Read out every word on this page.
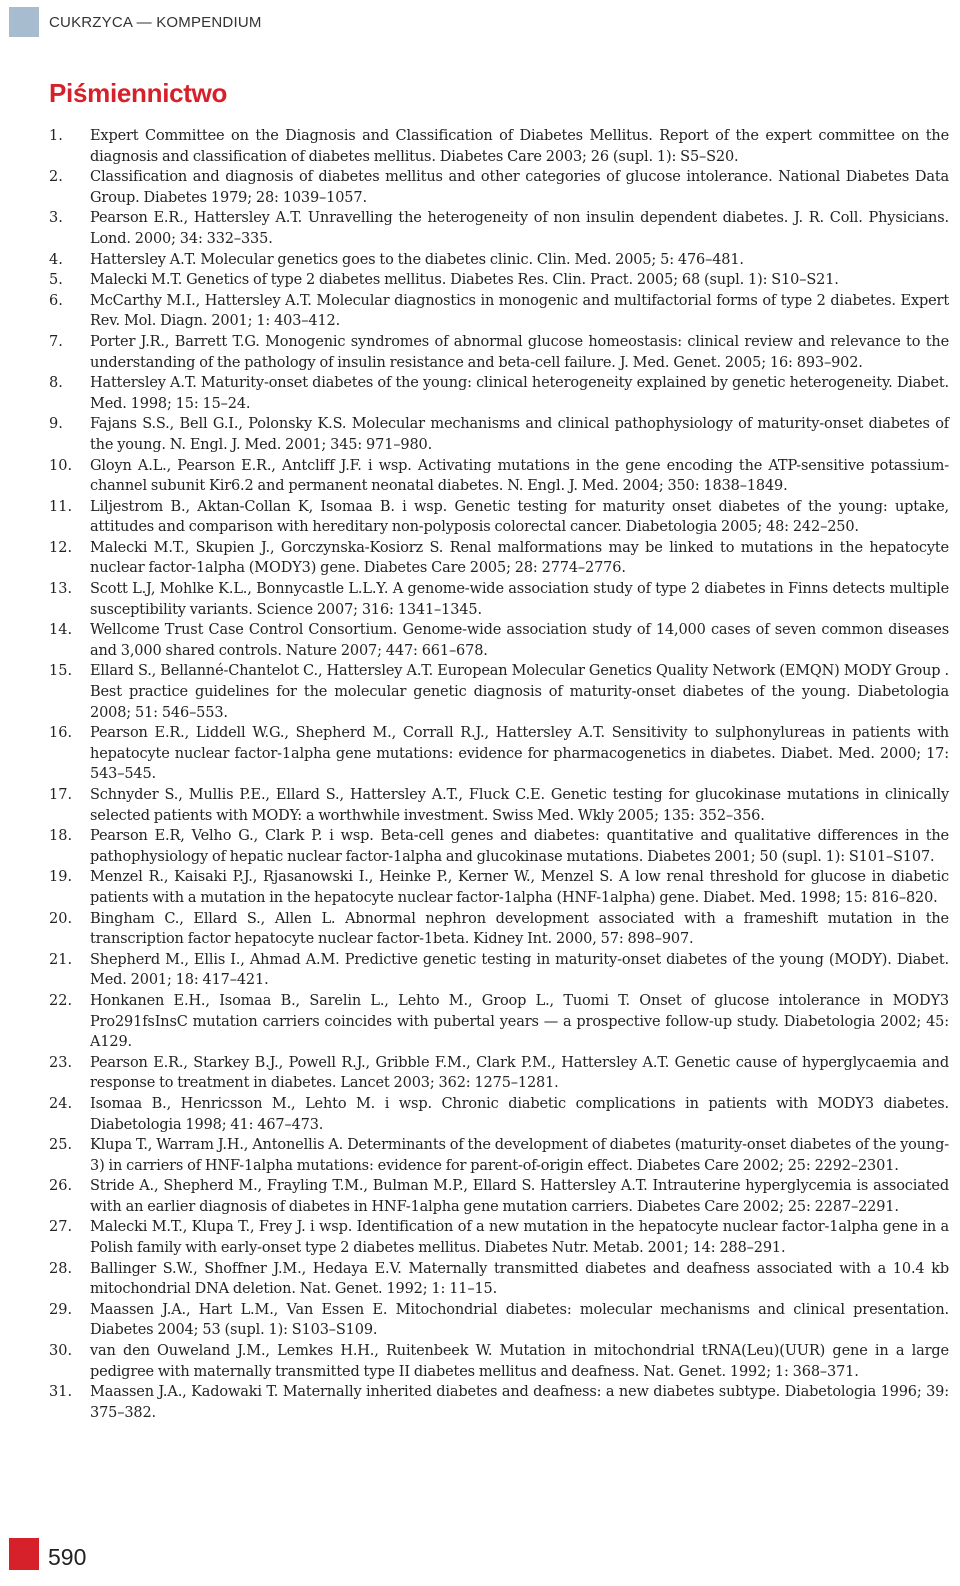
CUKRZYCA — KOMPENDIUM
Piśmiennictwo
1.	Expert Committee on the Diagnosis and Classification of Diabetes Mellitus. Report of the expert committee on the diagnosis and classification of diabetes mellitus. Diabetes Care 2003; 26 (supl. 1): S5–S20.
2.	Classification and diagnosis of diabetes mellitus and other categories of glucose intolerance. National Diabetes Data Group. Diabetes 1979; 28: 1039–1057.
3.	Pearson E.R., Hattersley A.T. Unravelling the heterogeneity of non insulin dependent diabetes. J. R. Coll. Physicians. Lond. 2000; 34: 332–335.
4.	Hattersley A.T. Molecular genetics goes to the diabetes clinic. Clin. Med. 2005; 5: 476–481.
5.	Malecki M.T. Genetics of type 2 diabetes mellitus. Diabetes Res. Clin. Pract. 2005; 68 (supl. 1): S10–S21.
6.	McCarthy M.I., Hattersley A.T. Molecular diagnostics in monogenic and multifactorial forms of type 2 diabetes. Expert Rev. Mol. Diagn. 2001; 1: 403–412.
7.	Porter J.R., Barrett T.G. Monogenic syndromes of abnormal glucose homeostasis: clinical review and relevance to the understanding of the pathology of insulin resistance and beta-cell failure. J. Med. Genet. 2005; 16: 893–902.
8.	Hattersley A.T. Maturity-onset diabetes of the young: clinical heterogeneity explained by genetic heterogeneity. Diabet. Med. 1998; 15: 15–24.
9.	Fajans S.S., Bell G.I., Polonsky K.S. Molecular mechanisms and clinical pathophysiology of maturity-onset diabetes of the young. N. Engl. J. Med. 2001; 345: 971–980.
10.	Gloyn A.L., Pearson E.R., Antcliff J.F. i wsp. Activating mutations in the gene encoding the ATP-sensitive potassium-channel subunit Kir6.2 and permanent neonatal diabetes. N. Engl. J. Med. 2004; 350: 1838–1849.
11.	Liljestrom B., Aktan-Collan K, Isomaa B. i wsp. Genetic testing for maturity onset diabetes of the young: uptake, attitudes and comparison with hereditary non-polyposis colorectal cancer. Diabetologia 2005; 48: 242–250.
12.	Malecki M.T., Skupien J., Gorczynska-Kosiorz S. Renal malformations may be linked to mutations in the hepatocyte nuclear factor-1alpha (MODY3) gene. Diabetes Care 2005; 28: 2774–2776.
13.	Scott L.J, Mohlke K.L., Bonnycastle L.L.Y. A genome-wide association study of type 2 diabetes in Finns detects multiple susceptibility variants. Science 2007; 316: 1341–1345.
14.	Wellcome Trust Case Control Consortium. Genome-wide association study of 14,000 cases of seven common diseases and 3,000 shared controls. Nature 2007; 447: 661–678.
15.	Ellard S., Bellanné-Chantelot C., Hattersley A.T. European Molecular Genetics Quality Network (EMQN) MODY Group . Best practice guidelines for the molecular genetic diagnosis of maturity-onset diabetes of the young. Diabetologia 2008; 51: 546–553.
16.	Pearson E.R., Liddell W.G., Shepherd M., Corrall R.J., Hattersley A.T. Sensitivity to sulphonylureas in patients with hepatocyte nuclear factor-1alpha gene mutations: evidence for pharmacogenetics in diabetes. Diabet. Med. 2000; 17: 543–545.
17.	Schnyder S., Mullis P.E., Ellard S., Hattersley A.T., Fluck C.E. Genetic testing for glucokinase mutations in clinically selected patients with MODY: a worthwhile investment. Swiss Med. Wkly 2005; 135: 352–356.
18.	Pearson E.R, Velho G., Clark P. i wsp. Beta-cell genes and diabetes: quantitative and qualitative differences in the pathophysiology of hepatic nuclear factor-1alpha and glucokinase mutations. Diabetes 2001; 50 (supl. 1): S101–S107.
19.	Menzel R., Kaisaki P.J., Rjasanowski I., Heinke P., Kerner W., Menzel S. A low renal threshold for glucose in diabetic patients with a mutation in the hepatocyte nuclear factor-1alpha (HNF-1alpha) gene. Diabet. Med. 1998; 15: 816–820.
20.	Bingham C., Ellard S., Allen L. Abnormal nephron development associated with a frameshift mutation in the transcription factor hepatocyte nuclear factor-1beta. Kidney Int. 2000, 57: 898–907.
21.	Shepherd M., Ellis I., Ahmad A.M. Predictive genetic testing in maturity-onset diabetes of the young (MODY). Diabet. Med. 2001; 18: 417–421.
22.	Honkanen E.H., Isomaa B., Sarelin L., Lehto M., Groop L., Tuomi T. Onset of glucose intolerance in MODY3 Pro291fsInsC mutation carriers coincides with pubertal years — a prospective follow-up study. Diabetologia 2002; 45: A129.
23.	Pearson E.R., Starkey B.J., Powell R.J., Gribble F.M., Clark P.M., Hattersley A.T. Genetic cause of hyperglycaemia and response to treatment in diabetes. Lancet 2003; 362: 1275–1281.
24.	Isomaa B., Henricsson M., Lehto M. i wsp. Chronic diabetic complications in patients with MODY3 diabetes. Diabetologia 1998; 41: 467–473.
25.	Klupa T., Warram J.H., Antonellis A. Determinants of the development of diabetes (maturity-onset diabetes of the young-3) in carriers of HNF-1alpha mutations: evidence for parent-of-origin effect. Diabetes Care 2002; 25: 2292–2301.
26.	Stride A., Shepherd M., Frayling T.M., Bulman M.P., Ellard S. Hattersley A.T. Intrauterine hyperglycemia is associated with an earlier diagnosis of diabetes in HNF-1alpha gene mutation carriers. Diabetes Care 2002; 25: 2287–2291.
27.	Malecki M.T., Klupa T., Frey J. i wsp. Identification of a new mutation in the hepatocyte nuclear factor-1alpha gene in a Polish family with early-onset type 2 diabetes mellitus. Diabetes Nutr. Metab. 2001; 14: 288–291.
28.	Ballinger S.W., Shoffner J.M., Hedaya E.V. Maternally transmitted diabetes and deafness associated with a 10.4 kb mitochondrial DNA deletion. Nat. Genet. 1992; 1: 11–15.
29.	Maassen J.A., Hart L.M., Van Essen E. Mitochondrial diabetes: molecular mechanisms and clinical presentation. Diabetes 2004; 53 (supl. 1): S103–S109.
30.	van den Ouweland J.M., Lemkes H.H., Ruitenbeek W. Mutation in mitochondrial tRNA(Leu)(UUR) gene in a large pedigree with maternally transmitted type II diabetes mellitus and deafness. Nat. Genet. 1992; 1: 368–371.
31.	Maassen J.A., Kadowaki T. Maternally inherited diabetes and deafness: a new diabetes subtype. Diabetologia 1996; 39: 375–382.
590
